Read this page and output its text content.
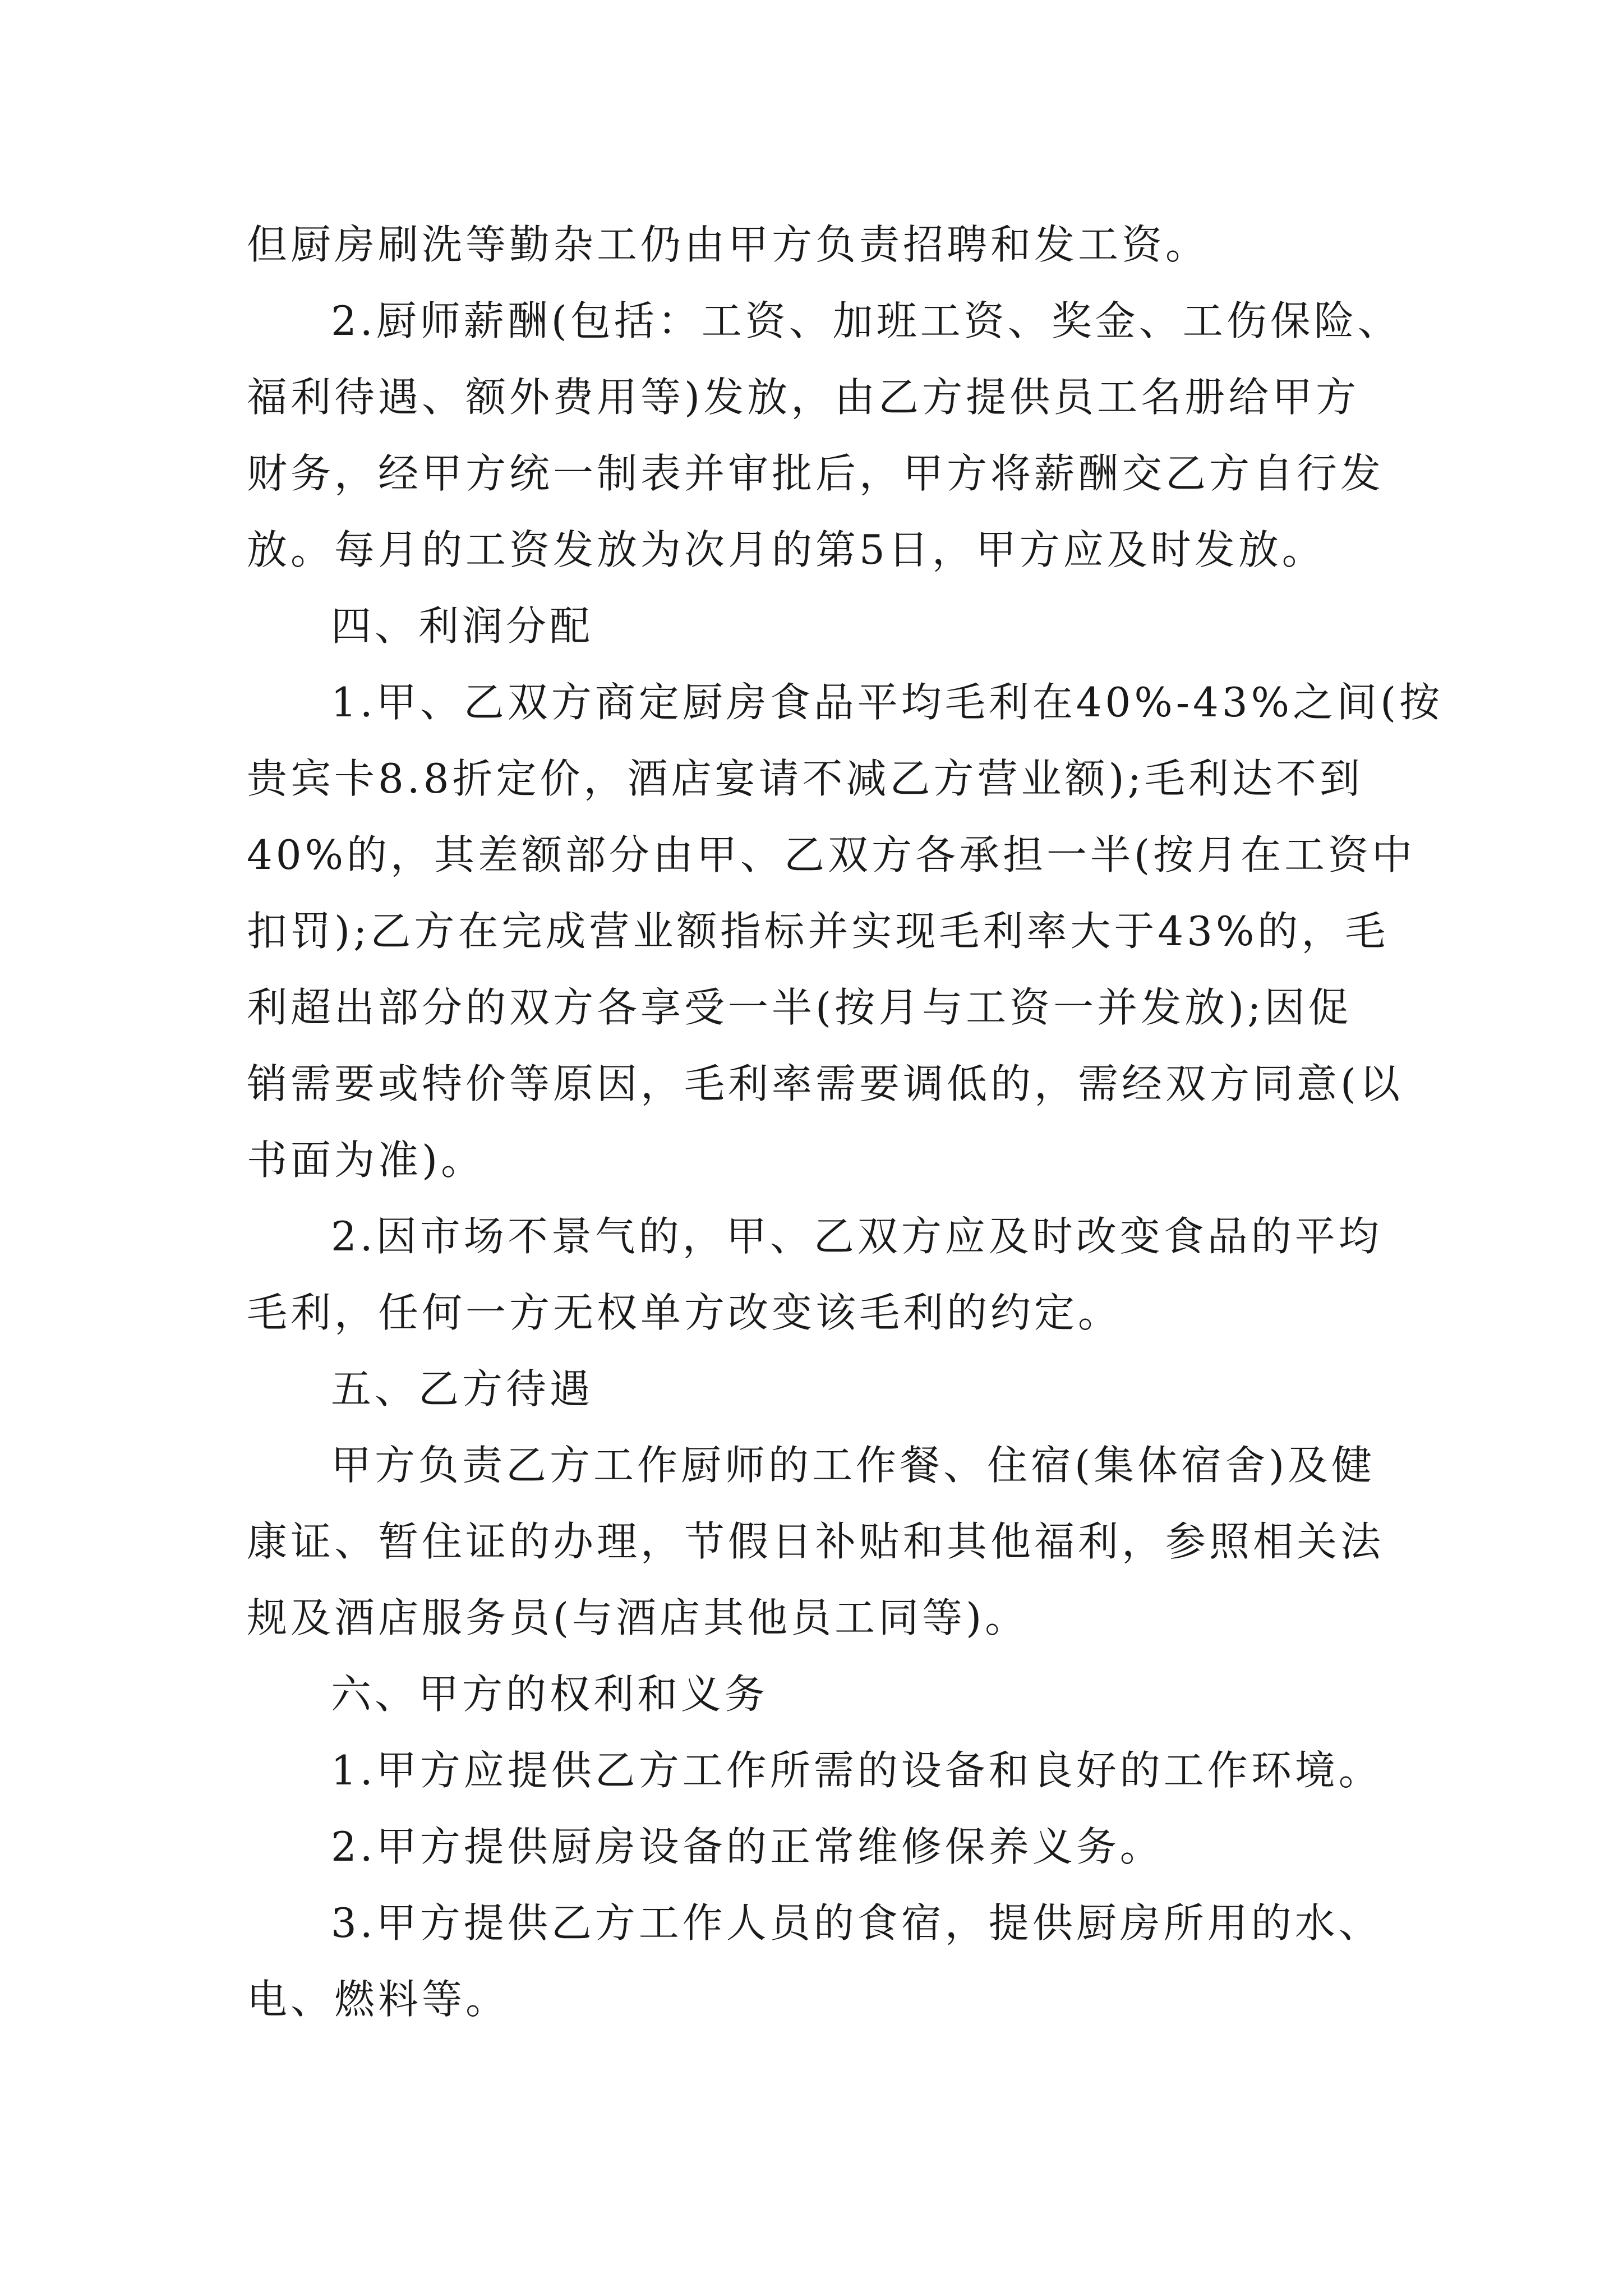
但厨房刷洗等勤杂工仍由甲方负责招聘和发工资。
2.厨师薪酬(包括：工资、加班工资、奖金、工伤保险、
福利待遇、额外费用等)发放，由乙方提供员工名册给甲方
财务，经甲方统一制表并审批后，甲方将薪酬交乙方自行发
放。每月的工资发放为次月的第5日，甲方应及时发放。
四、利润分配
1.甲、乙双方商定厨房食品平均毛利在40%-43%之间(按
贵宾卡8.8折定价，酒店宴请不减乙方营业额);毛利达不到
40%的，其差额部分由甲、乙双方各承担一半(按月在工资中
扣罚);乙方在完成营业额指标并实现毛利率大于43%的，毛
利超出部分的双方各享受一半(按月与工资一并发放);因促
销需要或特价等原因，毛利率需要调低的，需经双方同意(以
书面为准)。
2.因市场不景气的，甲、乙双方应及时改变食品的平均
毛利，任何一方无权单方改变该毛利的约定。
五、乙方待遇
甲方负责乙方工作厨师的工作餐、住宿(集体宿舍)及健
康证、暂住证的办理，节假日补贴和其他福利，参照相关法
规及酒店服务员(与酒店其他员工同等)。
六、甲方的权利和义务
1.甲方应提供乙方工作所需的设备和良好的工作环境。
2.甲方提供厨房设备的正常维修保养义务。
3.甲方提供乙方工作人员的食宿，提供厨房所用的水、
电、燃料等。
